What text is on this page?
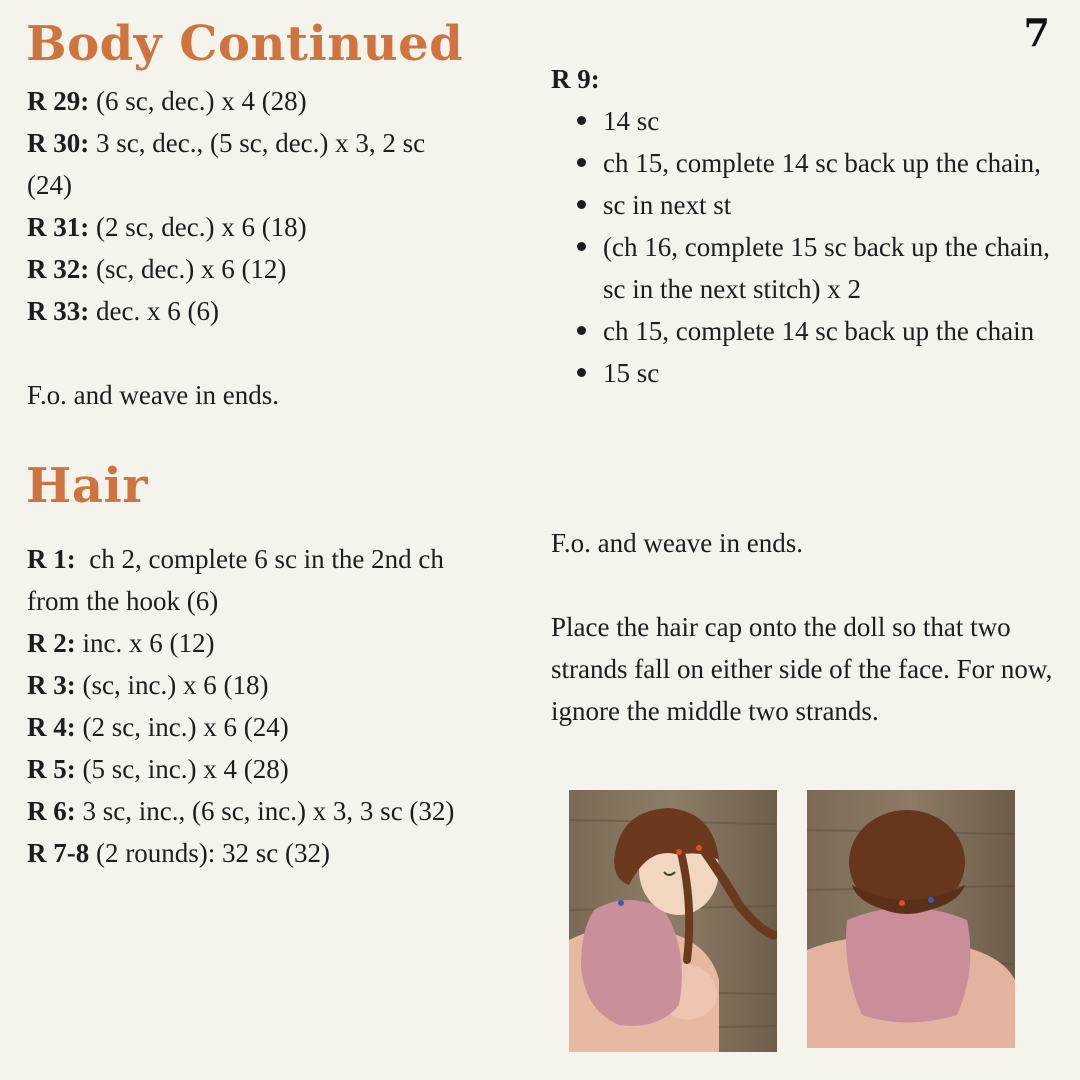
7
Body Continued
R 29: (6 sc, dec.) x 4 (28)
R 30: 3 sc, dec., (5 sc, dec.) x 3, 2 sc
(24)
R 31: (2 sc, dec.) x 6 (18)
R 32: (sc, dec.) x 6 (12)
R 33: dec. x 6 (6)
F.o. and weave in ends.
Hair
R 1:  ch 2, complete 6 sc in the 2nd ch
from the hook (6)
R 2: inc. x 6 (12)
R 3: (sc, inc.) x 6 (18)
R 4: (2 sc, inc.) x 6 (24)
R 5: (5 sc, inc.) x 4 (28)
R 6: 3 sc, inc., (6 sc, inc.) x 3, 3 sc (32)
R 7-8 (2 rounds): 32 sc (32)
R 9:
14 sc
ch 15, complete 14 sc back up the chain,
sc in next st
(ch 16, complete 15 sc back up the chain, sc in the next stitch) x 2
ch 15, complete 14 sc back up the chain
15 sc
F.o. and weave in ends.
Place the hair cap onto the doll so that two strands fall on either side of the face. For now, ignore the middle two strands.
